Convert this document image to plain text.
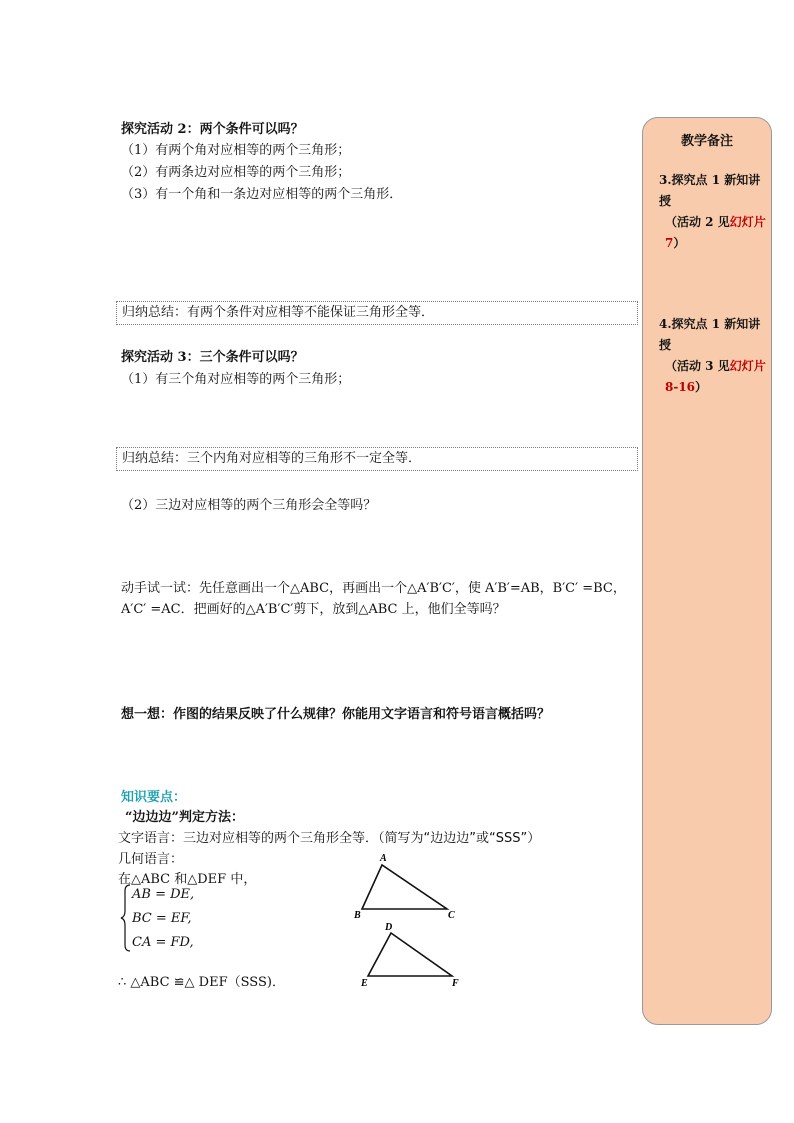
探究活动 2：两个条件可以吗？
（1）有两个角对应相等的两个三角形；
（2）有两条边对应相等的两个三角形；
（3）有一个角和一条边对应相等的两个三角形．
归纳总结：有两个条件对应相等不能保证三角形全等．
探究活动 3：三个条件可以吗？
（1）有三个角对应相等的两个三角形；
归纳总结：三个内角对应相等的三角形不一定全等．
（2）三边对应相等的两个三角形会全等吗？
动手试一试：先任意画出一个△ABC，再画出一个△A′B′C′，使 A′B′=AB，B′C′ =BC，
A′C′ =AC．把画好的△A′B′C′剪下，放到△ABC 上，他们全等吗？
想一想：作图的结果反映了什么规律？你能用文字语言和符号语言概括吗？
知识要点：
“边边边”判定方法：
文字语言：三边对应相等的两个三角形全等．（简写为“边边边”或“SSS”）
几何语言：
在△ABC 和△DEF 中，
AB = DE,
BC = EF,
CA = FD,
∴ △ABC ≌△ DEF（SSS)．
A
B	C
D
E	F
教学备注
3.探究点 1 新知讲授
（活动 2 见幻灯片 7）
4.探究点 1 新知讲授
（活动 3 见幻灯片 8-16）
